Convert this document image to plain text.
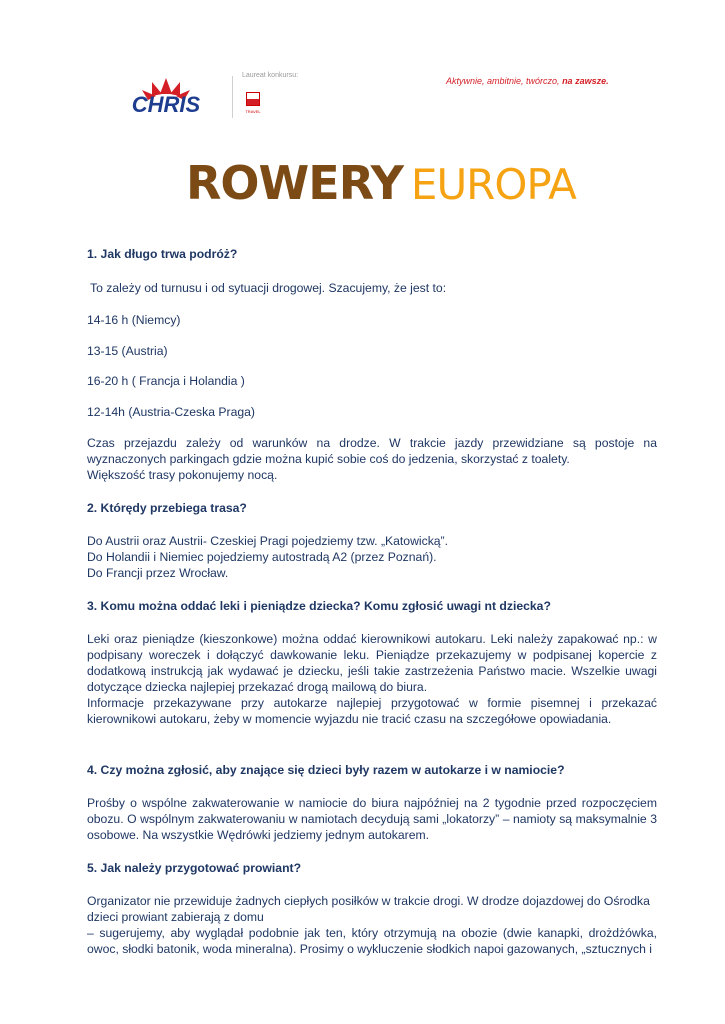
CHRIS
Laureat konkursu:
TRAVEL
Aktywnie, ambitnie, twórczo, na zawsze.
ROWERY EUROPA

1. Jak długo trwa podróż?

To zależy od turnusu i od sytuacji drogowej. Szacujemy, że jest to:

14-16 h (Niemcy)

13-15 (Austria)

16-20 h ( Francja i Holandia )

12-14h (Austria-Czeska Praga)

Czas przejazdu zależy od warunków na drodze. W trakcie jazdy przewidziane są postoje na wyznaczonych parkingach gdzie można kupić sobie coś do jedzenia, skorzystać z toalety.

Większość trasy pokonujemy nocą.

2. Którędy przebiega trasa?

Do Austrii oraz Austrii- Czeskiej Pragi pojedziemy tzw. „Katowicką”.

Do Holandii i Niemiec pojedziemy autostradą A2 (przez Poznań).

Do Francji przez Wrocław.

3. Komu można oddać leki i pieniądze dziecka? Komu zgłosić uwagi nt dziecka?

Leki oraz pieniądze (kieszonkowe) można oddać kierownikowi autokaru. Leki należy zapakować np.: w podpisany woreczek i dołączyć dawkowanie leku. Pieniądze przekazujemy w podpisanej kopercie z dodatkową instrukcją jak wydawać je dziecku, jeśli takie zastrzeżenia Państwo macie. Wszelkie uwagi dotyczące dziecka najlepiej przekazać drogą mailową do biura.

Informacje przekazywane przy autokarze najlepiej przygotować w formie pisemnej i przekazać kierownikowi autokaru, żeby w momencie wyjazdu nie tracić czasu na szczegółowe opowiadania.

4. Czy można zgłosić, aby znające się dzieci były razem w autokarze i w namiocie?

Prośby o wspólne zakwaterowanie w namiocie do biura najpóźniej na 2 tygodnie przed rozpoczęciem obozu. O wspólnym zakwaterowaniu w namiotach decydują sami „lokatorzy” – namioty są maksymalnie 3 osobowe. Na wszystkie Wędrówki jedziemy jednym autokarem.

5. Jak należy przygotować prowiant?

Organizator nie przewiduje żadnych ciepłych posiłków w trakcie drogi. W drodze dojazdowej do Ośrodka dzieci prowiant zabierają z domu

– sugerujemy, aby wyglądał podobnie jak ten, który otrzymują na obozie (dwie kanapki, drożdżówka, owoc, słodki batonik, woda mineralna). Prosimy o wykluczenie słodkich napoi gazowanych, „sztucznych i
